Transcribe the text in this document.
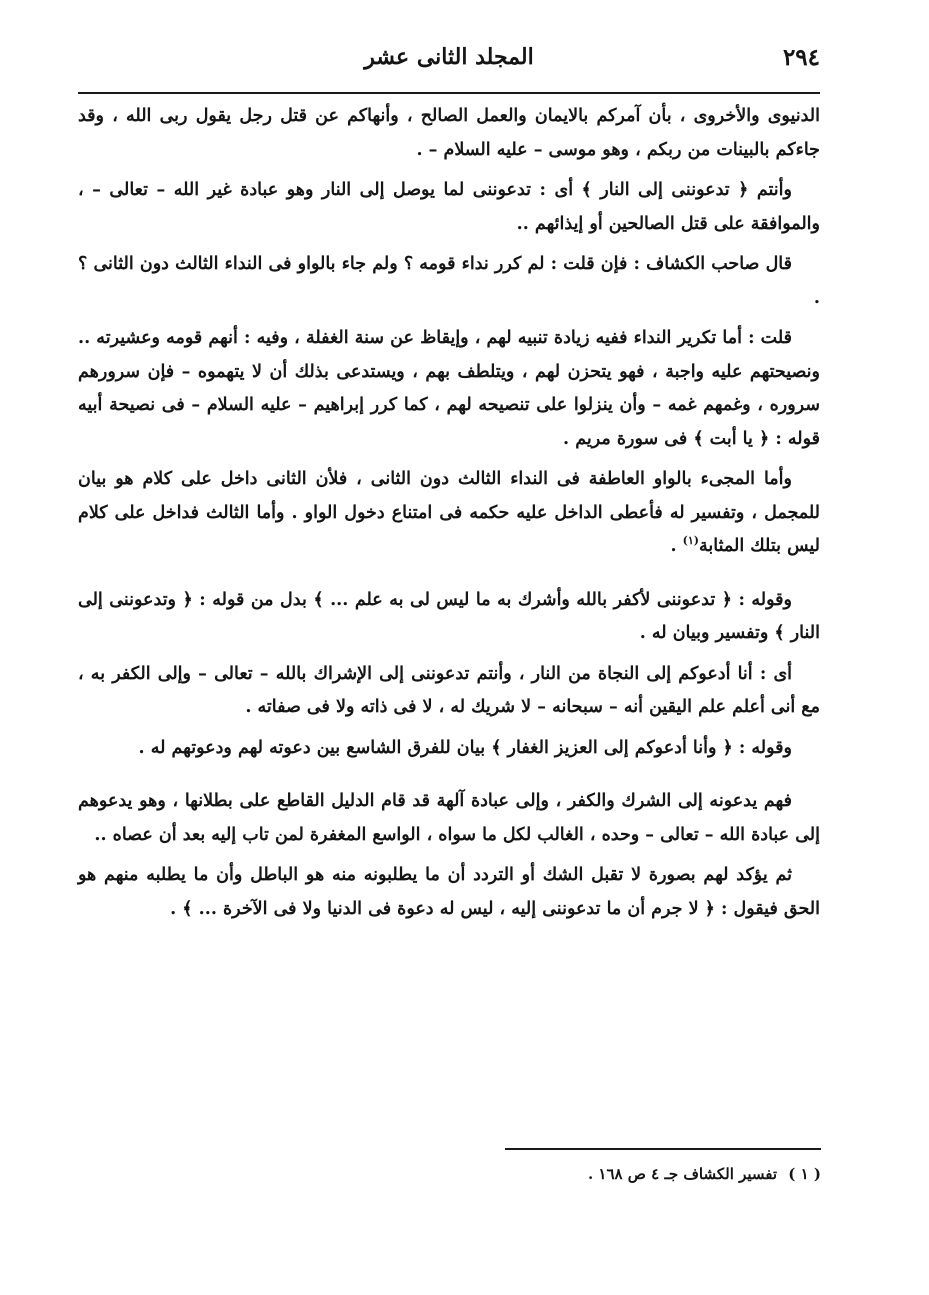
٢٩٤
المجلد الثانى عشر

الدنيوى والأخروى ، بأن آمركم بالايمان والعمل الصالح ، وأنهاكم عن قتل رجل يقول ربى الله ، وقد جاءكم بالبينات من ربكم ، وهو موسى – عليه السلام – .

وأنتم ﴿ تدعوننى إلى النار ﴾ أى : تدعوننى لما يوصل إلى النار وهو عبادة غير الله – تعالى – ، والموافقة على قتل الصالحين أو إيذائهم ..

قال صاحب الكشاف : فإن قلت : لم كرر نداء قومه ؟ ولم جاء بالواو فى النداء الثالث دون الثانى ؟ .

قلت : أما تكرير النداء ففيه زيادة تنبيه لهم ، وإيقاظ عن سنة الغفلة ، وفيه : أنهم قومه وعشيرته .. ونصيحتهم عليه واجبة ، فهو يتحزن لهم ، ويتلطف بهم ، ويستدعى بذلك أن لا يتهموه – فإن سرورهم سروره ، وغمهم غمه – وأن ينزلوا على تنصيحه لهم ، كما كرر إبراهيم – عليه السلام – فى نصيحة أبيه قوله : ﴿ يا أبت ﴾ فى سورة مريم .

وأما المجىء بالواو العاطفة فى النداء الثالث دون الثانى ، فلأن الثانى داخل على كلام هو بيان للمجمل ، وتفسير له فأعطى الداخل عليه حكمه فى امتناع دخول الواو . وأما الثالث فداخل على كلام ليس بتلك المثابة$^{(١)}$ .

وقوله : ﴿ تدعوننى لأكفر بالله وأشرك به ما ليس لى به علم ... ﴾ بدل من قوله : ﴿ وتدعوننى إلى النار ﴾ وتفسير وبيان له .

أى : أنا أدعوكم إلى النجاة من النار ، وأنتم تدعوننى إلى الإشراك بالله – تعالى – وإلى الكفر به ، مع أنى أعلم علم اليقين أنه – سبحانه – لا شريك له ، لا فى ذاته ولا فى صفاته .

وقوله : ﴿ وأنا أدعوكم إلى العزيز الغفار ﴾ بيان للفرق الشاسع بين دعوته لهم ودعوتهم له .

فهم يدعونه إلى الشرك والكفر ، وإلى عبادة آلهة قد قام الدليل القاطع على بطلانها ، وهو يدعوهم إلى عبادة الله – تعالى – وحده ، الغالب لكل ما سواه ، الواسع المغفرة لمن تاب إليه بعد أن عصاه ..

ثم يؤكد لهم بصورة لا تقبل الشك أو التردد أن ما يطلبونه منه هو الباطل وأن ما يطلبه منهم هو الحق فيقول : ﴿ لا جرم أن ما تدعوننى إليه ، ليس له دعوة فى الدنيا ولا فى الآخرة ... ﴾ .

( ١ ) تفسير الكشاف جـ ٤ ص ١٦٨ .
